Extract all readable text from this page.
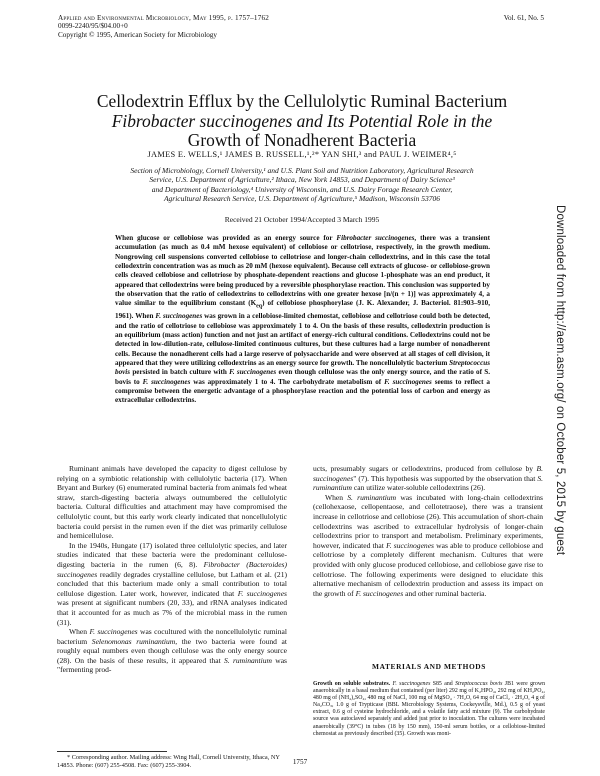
Applied and Environmental Microbiology, May 1995, p. 1757–1762
0099-2240/95/$04.00+0
Copyright © 1995, American Society for Microbiology
Vol. 61, No. 5
Cellodextrin Efflux by the Cellulolytic Ruminal Bacterium
Fibrobacter succinogenes and Its Potential Role in the
Growth of Nonadherent Bacteria
JAMES E. WELLS,¹ JAMES B. RUSSELL,¹,²* YAN SHI,³ and PAUL J. WEIMER⁴,⁵
Section of Microbiology, Cornell University,¹ and U.S. Plant Soil and Nutrition Laboratory, Agricultural Research
Service, U.S. Department of Agriculture,² Ithaca, New York 14853, and Department of Dairy Science³
and Department of Bacteriology,⁴ University of Wisconsin, and U.S. Dairy Forage Research Center,
Agricultural Research Service, U.S. Department of Agriculture,⁵ Madison, Wisconsin 53706
Received 21 October 1994/Accepted 3 March 1995
When glucose or cellobiose was provided as an energy source for Fibrobacter succinogenes, there was a transient accumulation (as much as 0.4 mM hexose equivalent) of cellobiose or cellotriose, respectively, in the growth medium. Nongrowing cell suspensions converted cellobiose to cellotriose and longer-chain cellodextrins, and in this case the total cellodextrin concentration was as much as 20 mM (hexose equivalent). Because cell extracts of glucose- or cellobiose-grown cells cleaved cellobiose and cellotriose by phosphate-dependent reactions and glucose 1-phosphate was an end product, it appeared that cellodextrins were being produced by a reversible phosphorylase reaction. This conclusion was supported by the observation that the ratio of cellodextrins to cellodextrins with one greater hexose [n/(n + 1)] was approximately 4, a value similar to the equilibrium constant $(K_{eq})$ of cellobiose phosphorylase (J. K. Alexander, J. Bacteriol. 81:903–910, 1961). When F. succinogenes was grown in a cellobiose-limited chemostat, cellobiose and cellotriose could both be detected, and the ratio of cellotriose to cellobiose was approximately 1 to 4. On the basis of these results, cellodextrin production is an equilibrium (mass action) function and not just an artifact of energy-rich cultural conditions. Cellodextrins could not be detected in low-dilution-rate, cellulose-limited continuous cultures, but these cultures had a large number of nonadherent cells. Because the nonadherent cells had a large reserve of polysaccharide and were observed at all stages of cell division, it appeared that they were utilizing cellodextrins as an energy source for growth. The noncellulolytic bacterium Streptococcus bovis persisted in batch culture with F. succinogenes even though cellulose was the only energy source, and the ratio of S. bovis to F. succinogenes was approximately 1 to 4. The carbohydrate metabolism of F. succinogenes seems to reflect a compromise between the energetic advantage of a phosphorylase reaction and the potential loss of carbon and energy as extracellular cellodextrins.

Ruminant animals have developed the capacity to digest cellulose by relying on a symbiotic relationship with cellulolytic bacteria (17). When Bryant and Burkey (6) enumerated ruminal bacteria from animals fed wheat straw, starch-digesting bacteria always outnumbered the cellulolytic bacteria. Cultural difficulties and attachment may have compromised the cellulolytic count, but this early work clearly indicated that noncellulolytic bacteria could persist in the rumen even if the diet was primarily cellulose and hemicellulose.

In the 1940s, Hungate (17) isolated three cellulolytic species, and later studies indicated that these bacteria were the predominant cellulose-digesting bacteria in the rumen (6, 8). Fibrobacter (Bacteroides) succinogenes readily degrades crystalline cellulose, but Latham et al. (21) concluded that this bacterium made only a small contribution to total cellulose digestion. Later work, however, indicated that F. succinogenes was present at significant numbers (20, 33), and rRNA analyses indicated that it accounted for as much as 7% of the microbial mass in the rumen (31).

When F. succinogenes was cocultured with the noncellulolytic ruminal bacterium Selenomonas ruminantium, the two bacteria were found at roughly equal numbers even though cellulose was the only energy source (28). On the basis of these results, it appeared that S. ruminantium was "fermenting prod-

ucts, presumably sugars or cellodextrins, produced from cellulose by B. succinogenes" (7). This hypothesis was supported by the observation that S. ruminantium can utilize water-soluble cellodextrins (26).

When S. ruminantium was incubated with long-chain cellodextrins (cellohexaose, cellopentaose, and cellotetraose), there was a transient increase in cellotriose and cellobiose (26). This accumulation of short-chain cellodextrins was ascribed to extracellular hydrolysis of longer-chain cellodextrins prior to transport and metabolism. Preliminary experiments, however, indicated that F. succinogenes was able to produce cellobiose and cellotriose by a completely different mechanism. Cultures that were provided with only glucose produced cellobiose, and cellobiose gave rise to cellotriose. The following experiments were designed to elucidate this alternative mechanism of cellodextrin production and assess its impact on the growth of F. succinogenes and other ruminal bacteria.

MATERIALS AND METHODS
Growth on soluble substrates. F. succinogenes S85 and Streptococcus bovis JB1 were grown anaerobically in a basal medium that contained (per liter) 292 mg of K₂HPO₄, 292 mg of KH₂PO₄, 480 mg of (NH₄)₂SO₄, 480 mg of NaCl, 100 mg of MgSO₄ · 7H₂O, 64 mg of CaCl₂ · 2H₂O, 4 g of Na₂CO₃, 1.0 g of Trypticase (BBL Microbiology Systems, Cockeysville, Md.), 0.5 g of yeast extract, 0.6 g of cysteine hydrochloride, and a volatile fatty acid mixture (9). The carbohydrate source was autoclaved separately and added just prior to inoculation. The cultures were incubated anaerobically (39°C) in tubes (18 by 150 mm), 150-ml serum bottles, or a cellobiose-limited chemostat as previously described (35). Growth was moni-
* Corresponding author. Mailing address: Wing Hall, Cornell University, Ithaca, NY 14853. Phone: (607) 255-4508. Fax: (607) 255-3904.	1757
Downloaded from http://aem.asm.org/ on October 5, 2015 by guest
